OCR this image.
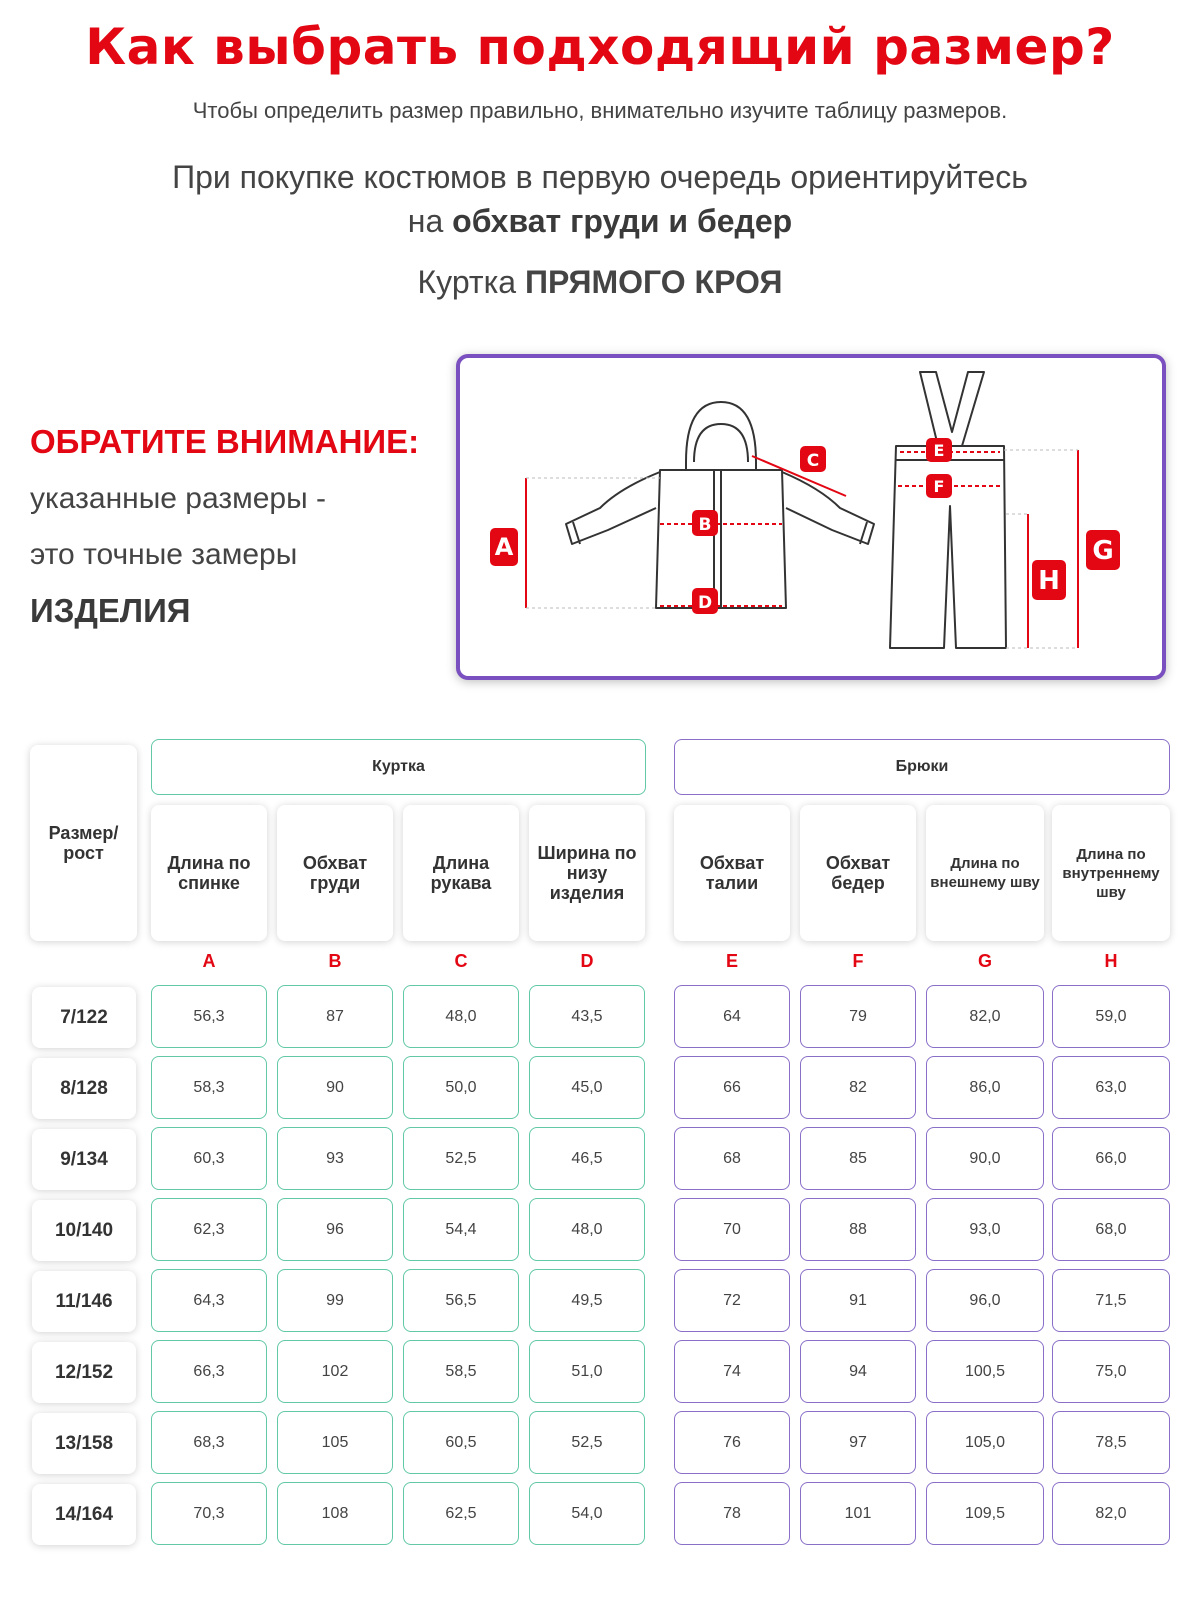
Как выбрать подходящий размер?
Чтобы определить размер правильно, внимательно изучите таблицу размеров.
При покупке костюмов в первую очередь ориентируйтесь
на обхват груди и бедер
Куртка ПРЯМОГО КРОЯ
ОБРАТИТЕ ВНИМАНИЕ:
указанные размеры -
это точные замеры
ИЗДЕЛИЯ
A
B
C
D
E
F
G
H
Размер/ рост
Куртка	Брюки
Длина по спинке
Обхват груди
Длина рукава
Ширина по низу изделия
Обхват талии
Обхват бедер
Длина по внешнему шву
Длина по внутреннему шву
A	B	C	D	E	F	G	H
7/122	56,3	87	48,0	43,5	64	79	82,0	59,0
8/128	58,3	90	50,0	45,0	66	82	86,0	63,0
9/134	60,3	93	52,5	46,5	68	85	90,0	66,0
10/140	62,3	96	54,4	48,0	70	88	93,0	68,0
11/146	64,3	99	56,5	49,5	72	91	96,0	71,5
12/152	66,3	102	58,5	51,0	74	94	100,5	75,0
13/158	68,3	105	60,5	52,5	76	97	105,0	78,5
14/164	70,3	108	62,5	54,0	78	101	109,5	82,0
